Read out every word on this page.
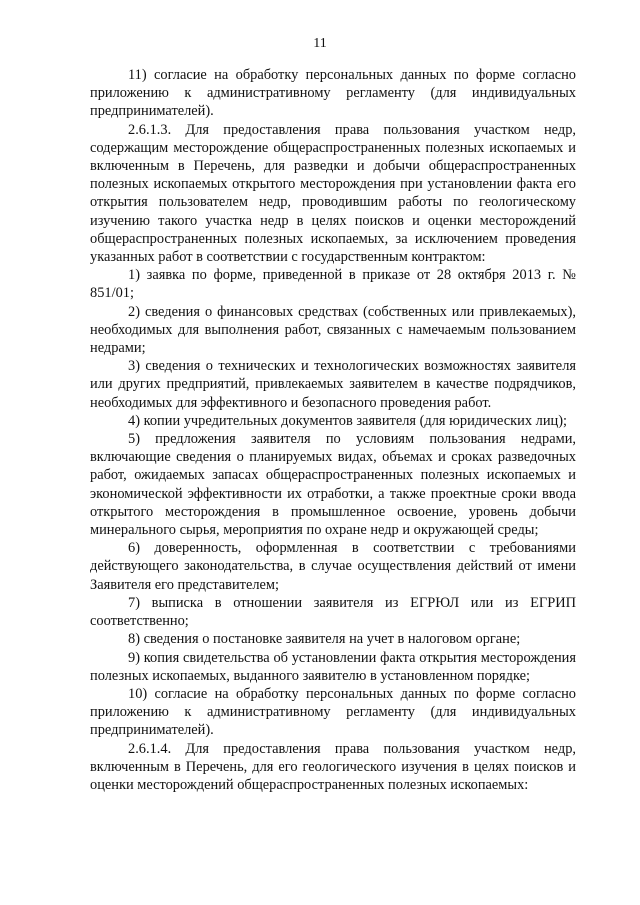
11

11) согласие на обработку персональных данных по форме согласно приложению к административному регламенту (для индивидуальных предпринимателей).

2.6.1.3. Для предоставления права пользования участком недр, содержащим месторождение общераспространенных полезных ископаемых и включенным в Перечень, для разведки и добычи общераспространенных полезных ископаемых открытого месторождения при установлении факта его открытия пользователем недр, проводившим работы по геологическому изучению такого участка недр в целях поисков и оценки месторождений общераспространенных полезных ископаемых, за исключением проведения указанных работ в соответствии с государственным контрактом:

1) заявка по форме, приведенной в приказе от 28 октября 2013 г. № 851/01;

2) сведения о финансовых средствах (собственных или привлекаемых), необходимых для выполнения работ, связанных с намечаемым пользованием недрами;

3) сведения о технических и технологических возможностях заявителя или других предприятий, привлекаемых заявителем в качестве подрядчиков, необходимых для эффективного и безопасного проведения работ.

4) копии учредительных документов заявителя (для юридических лиц);

5) предложения заявителя по условиям пользования недрами, включающие сведения о планируемых видах, объемах и сроках разведочных работ, ожидаемых запасах общераспространенных полезных ископаемых и экономической эффективности их отработки, а также проектные сроки ввода открытого месторождения в промышленное освоение, уровень добычи минерального сырья, мероприятия по охране недр и окружающей среды;

6) доверенность, оформленная в соответствии с требованиями действующего законодательства, в случае осуществления действий от имени Заявителя его представителем;

7) выписка в отношении заявителя из ЕГРЮЛ или из ЕГРИП соответственно;

8) сведения о постановке заявителя на учет в налоговом органе;

9) копия свидетельства об установлении факта открытия месторождения полезных ископаемых, выданного заявителю в установленном порядке;

10) согласие на обработку персональных данных по форме согласно приложению к административному регламенту (для индивидуальных предпринимателей).

2.6.1.4. Для предоставления права пользования участком недр, включенным в Перечень, для его геологического изучения в целях поисков и оценки месторождений общераспространенных полезных ископаемых:
